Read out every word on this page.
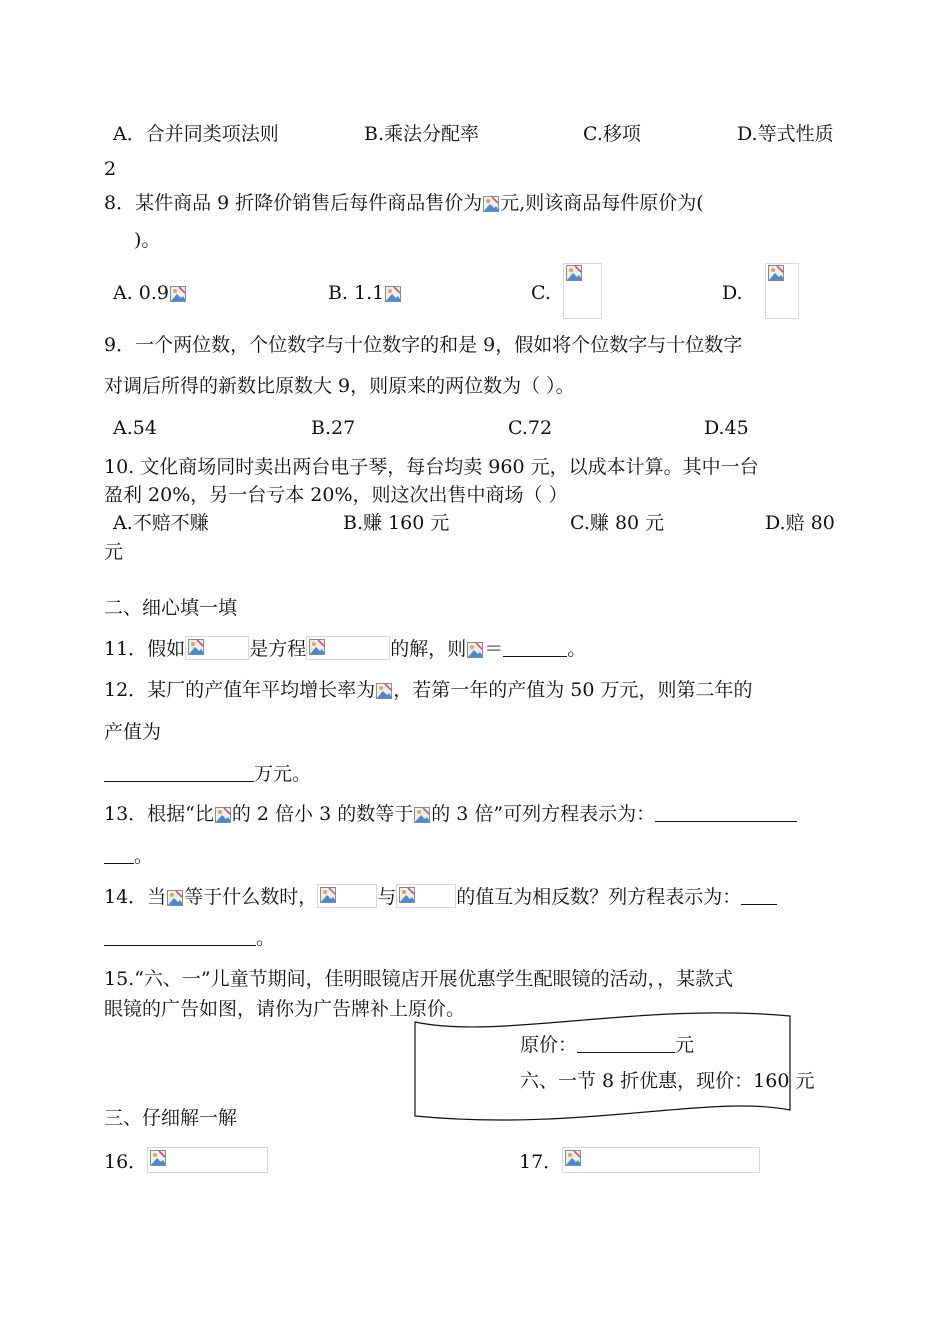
A．合并同类项法则	B.乘法分配率	C.移项	D.等式性质
2
8．某件商品 9 折降价销售后每件商品售价为 元,则该商品每件原价为(
)。
A. 0.9	B. 1.1	C.	D.
9．一个两位数，个位数字与十位数字的和是 9，假如将个位数字与十位数字
对调后所得的新数比原数大 9，则原来的两位数为（ ）。
A.54	B.27	C.72	D.45
10. 文化商场同时卖出两台电子琴，每台均卖 960 元，以成本计算。其中一台
盈利 20%，另一台亏本 20%，则这次出售中商场（ ）
A.不赔不赚	B.赚 160 元	C.赚 80 元	D.赔 80
元
二、细心填一填
11．假如	是方程	的解，则 ＝	。
12．某厂的产值年平均增长率为 ，若第一年的产值为 50 万元，则第二年的
产值为
万元。
13．根据“比 的 2 倍小 3 的数等于 的 3 倍”可列方程表示为：
。
14．当 等于什么数时，	与	的值互为相反数？列方程表示为：
。
15.“六、一”儿童节期间，佳明眼镜店开展优惠学生配眼镜的活动，，某款式
眼镜的广告如图，请你为广告牌补上原价。
原价：	元
六、一节 8 折优惠，现价：160 元
三、仔细解一解
16．	17．
